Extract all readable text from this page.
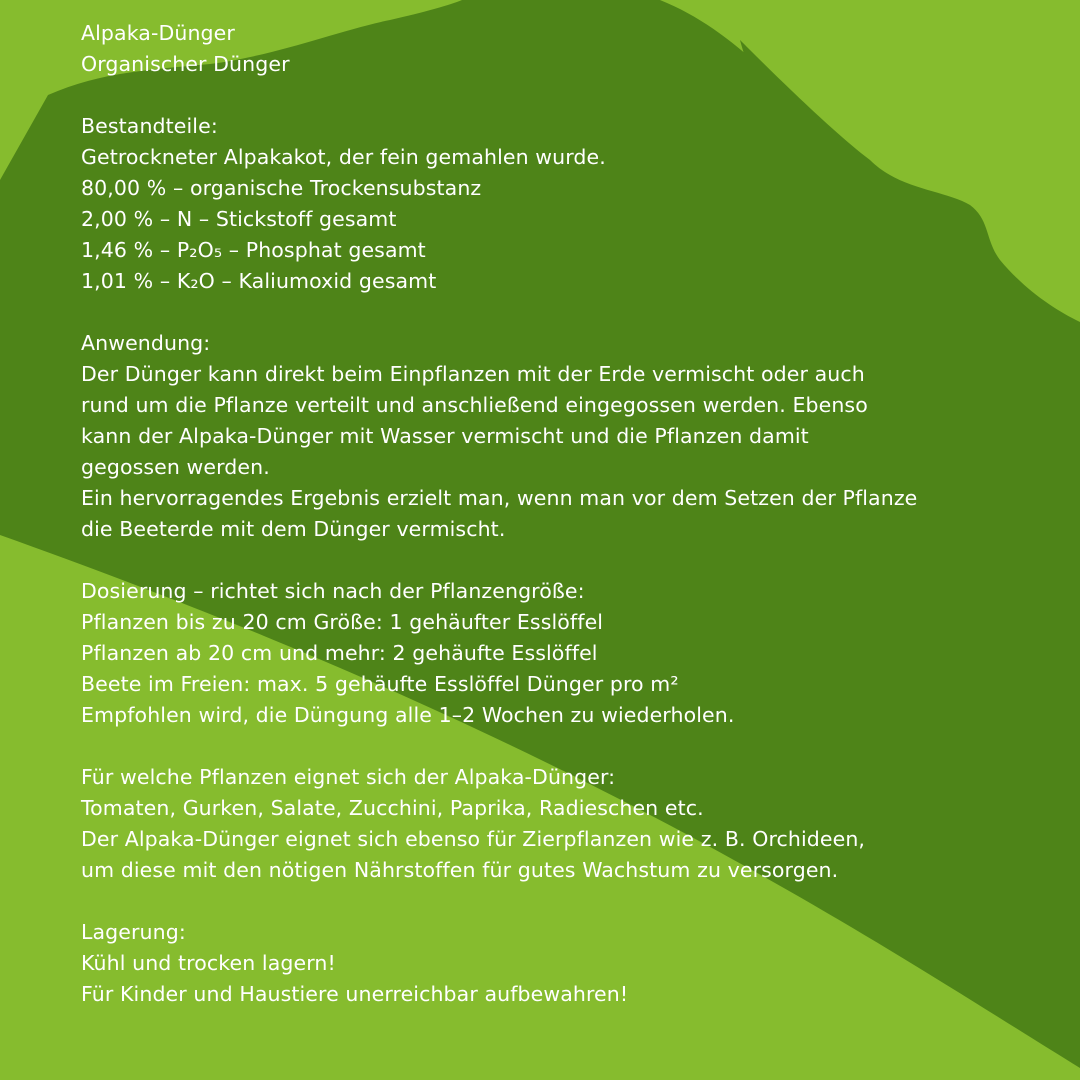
Alpaka-Dünger
Organischer Dünger
Bestandteile:
Getrockneter Alpakakot, der fein gemahlen wurde.
80,00 % – organische Trockensubstanz
2,00 % – N – Stickstoff gesamt
1,46 % – P₂O₅ – Phosphat gesamt
1,01 % – K₂O – Kaliumoxid gesamt
Anwendung:
Der Dünger kann direkt beim Einpflanzen mit der Erde vermischt oder auch
rund um die Pflanze verteilt und anschließend eingegossen werden. Ebenso
kann der Alpaka-Dünger mit Wasser vermischt und die Pflanzen damit
gegossen werden.
Ein hervorragendes Ergebnis erzielt man, wenn man vor dem Setzen der Pflanze
die Beeterde mit dem Dünger vermischt.
Dosierung – richtet sich nach der Pflanzengröße:
Pflanzen bis zu 20 cm Größe: 1 gehäufter Esslöffel
Pflanzen ab 20 cm und mehr: 2 gehäufte Esslöffel
Beete im Freien: max. 5 gehäufte Esslöffel Dünger pro m²
Empfohlen wird, die Düngung alle 1–2 Wochen zu wiederholen.
Für welche Pflanzen eignet sich der Alpaka-Dünger:
Tomaten, Gurken, Salate, Zucchini, Paprika, Radieschen etc.
Der Alpaka-Dünger eignet sich ebenso für Zierpflanzen wie z. B. Orchideen,
um diese mit den nötigen Nährstoffen für gutes Wachstum zu versorgen.
Lagerung:
Kühl und trocken lagern!
Für Kinder und Haustiere unerreichbar aufbewahren!
